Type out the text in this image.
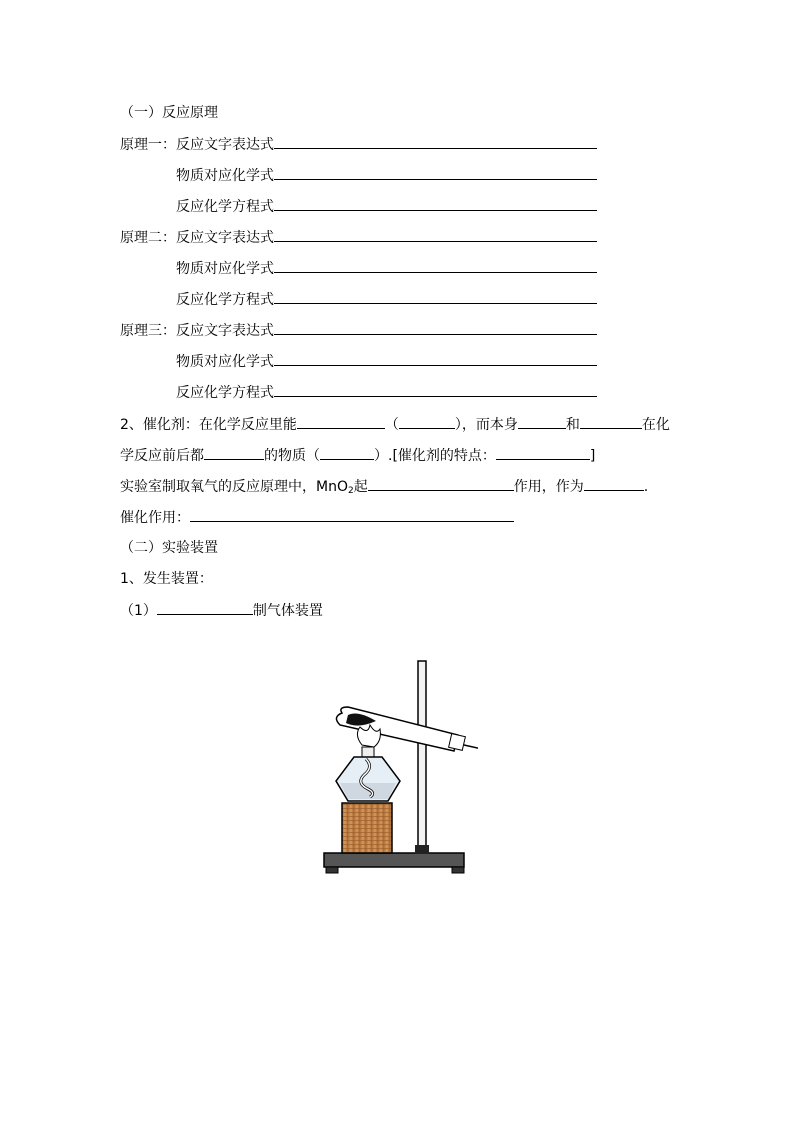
（一）反应原理
原理一：反应文字表达式
物质对应化学式
反应化学方程式
原理二：反应文字表达式
物质对应化学式
反应化学方程式
原理三：反应文字表达式
物质对应化学式
反应化学方程式
2、催化剂：在化学反应里能	（	），而本身	和	在化
学反应前后都	的物质（	）.[催化剂的特点：	]
实验室制取氧气的反应原理中，MnO$_2$起	作用，作为	.
催化作用：
（二）实验装置
1、发生装置：
（1）	制气体装置
